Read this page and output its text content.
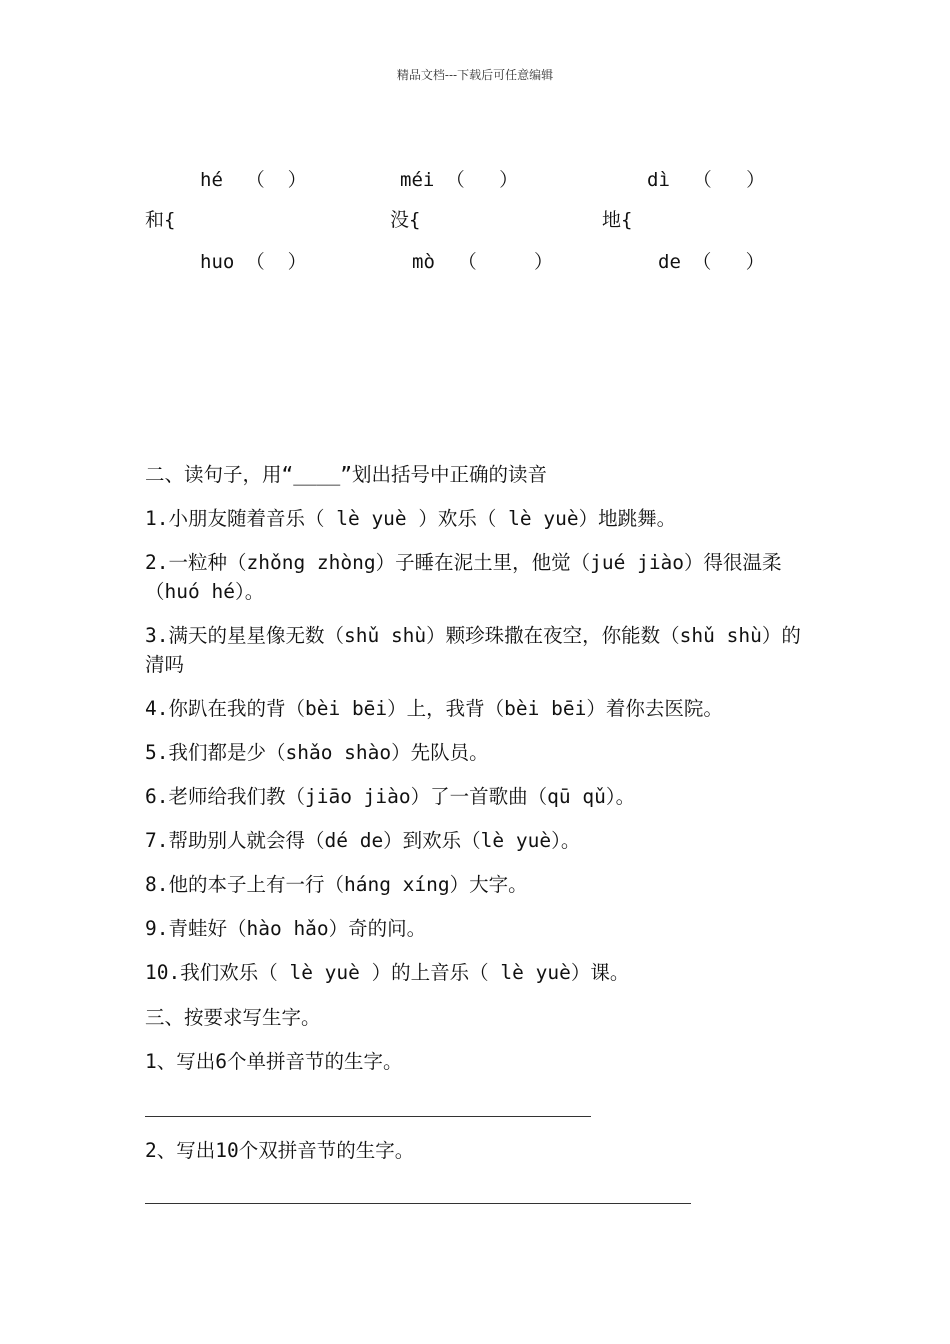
精品文档---下载后可任意编辑
hé  （  ）
和{
huo （  ）
méi （   ）
没{
mò  （     ）
dì  （   ）
地{
de （   ）
二、读句子，用“____”划出括号中正确的读音
1.小朋友随着音乐（ lè yuè ）欢乐（ lè yuè）地跳舞。
2.一粒种（zhǒng zhòng）子睡在泥土里，他觉（jué jiào）得很温柔（huó hé）。
3.满天的星星像无数（shǔ shù）颗珍珠撒在夜空，你能数（shǔ shù）的清吗
4.你趴在我的背（bèi bēi）上，我背（bèi bēi）着你去医院。
5.我们都是少（shǎo shào）先队员。
6.老师给我们教（jiāo jiào）了一首歌曲（qū qǔ）。
7.帮助别人就会得（dé de）到欢乐（lè yuè）。
8.他的本子上有一行（háng xíng）大字。
9.青蛙好（hào hǎo）奇的问。
10.我们欢乐（ lè yuè ）的上音乐（ lè yuè）课。
三、按要求写生字。
1、写出6个单拼音节的生字。
2、写出10个双拼音节的生字。
